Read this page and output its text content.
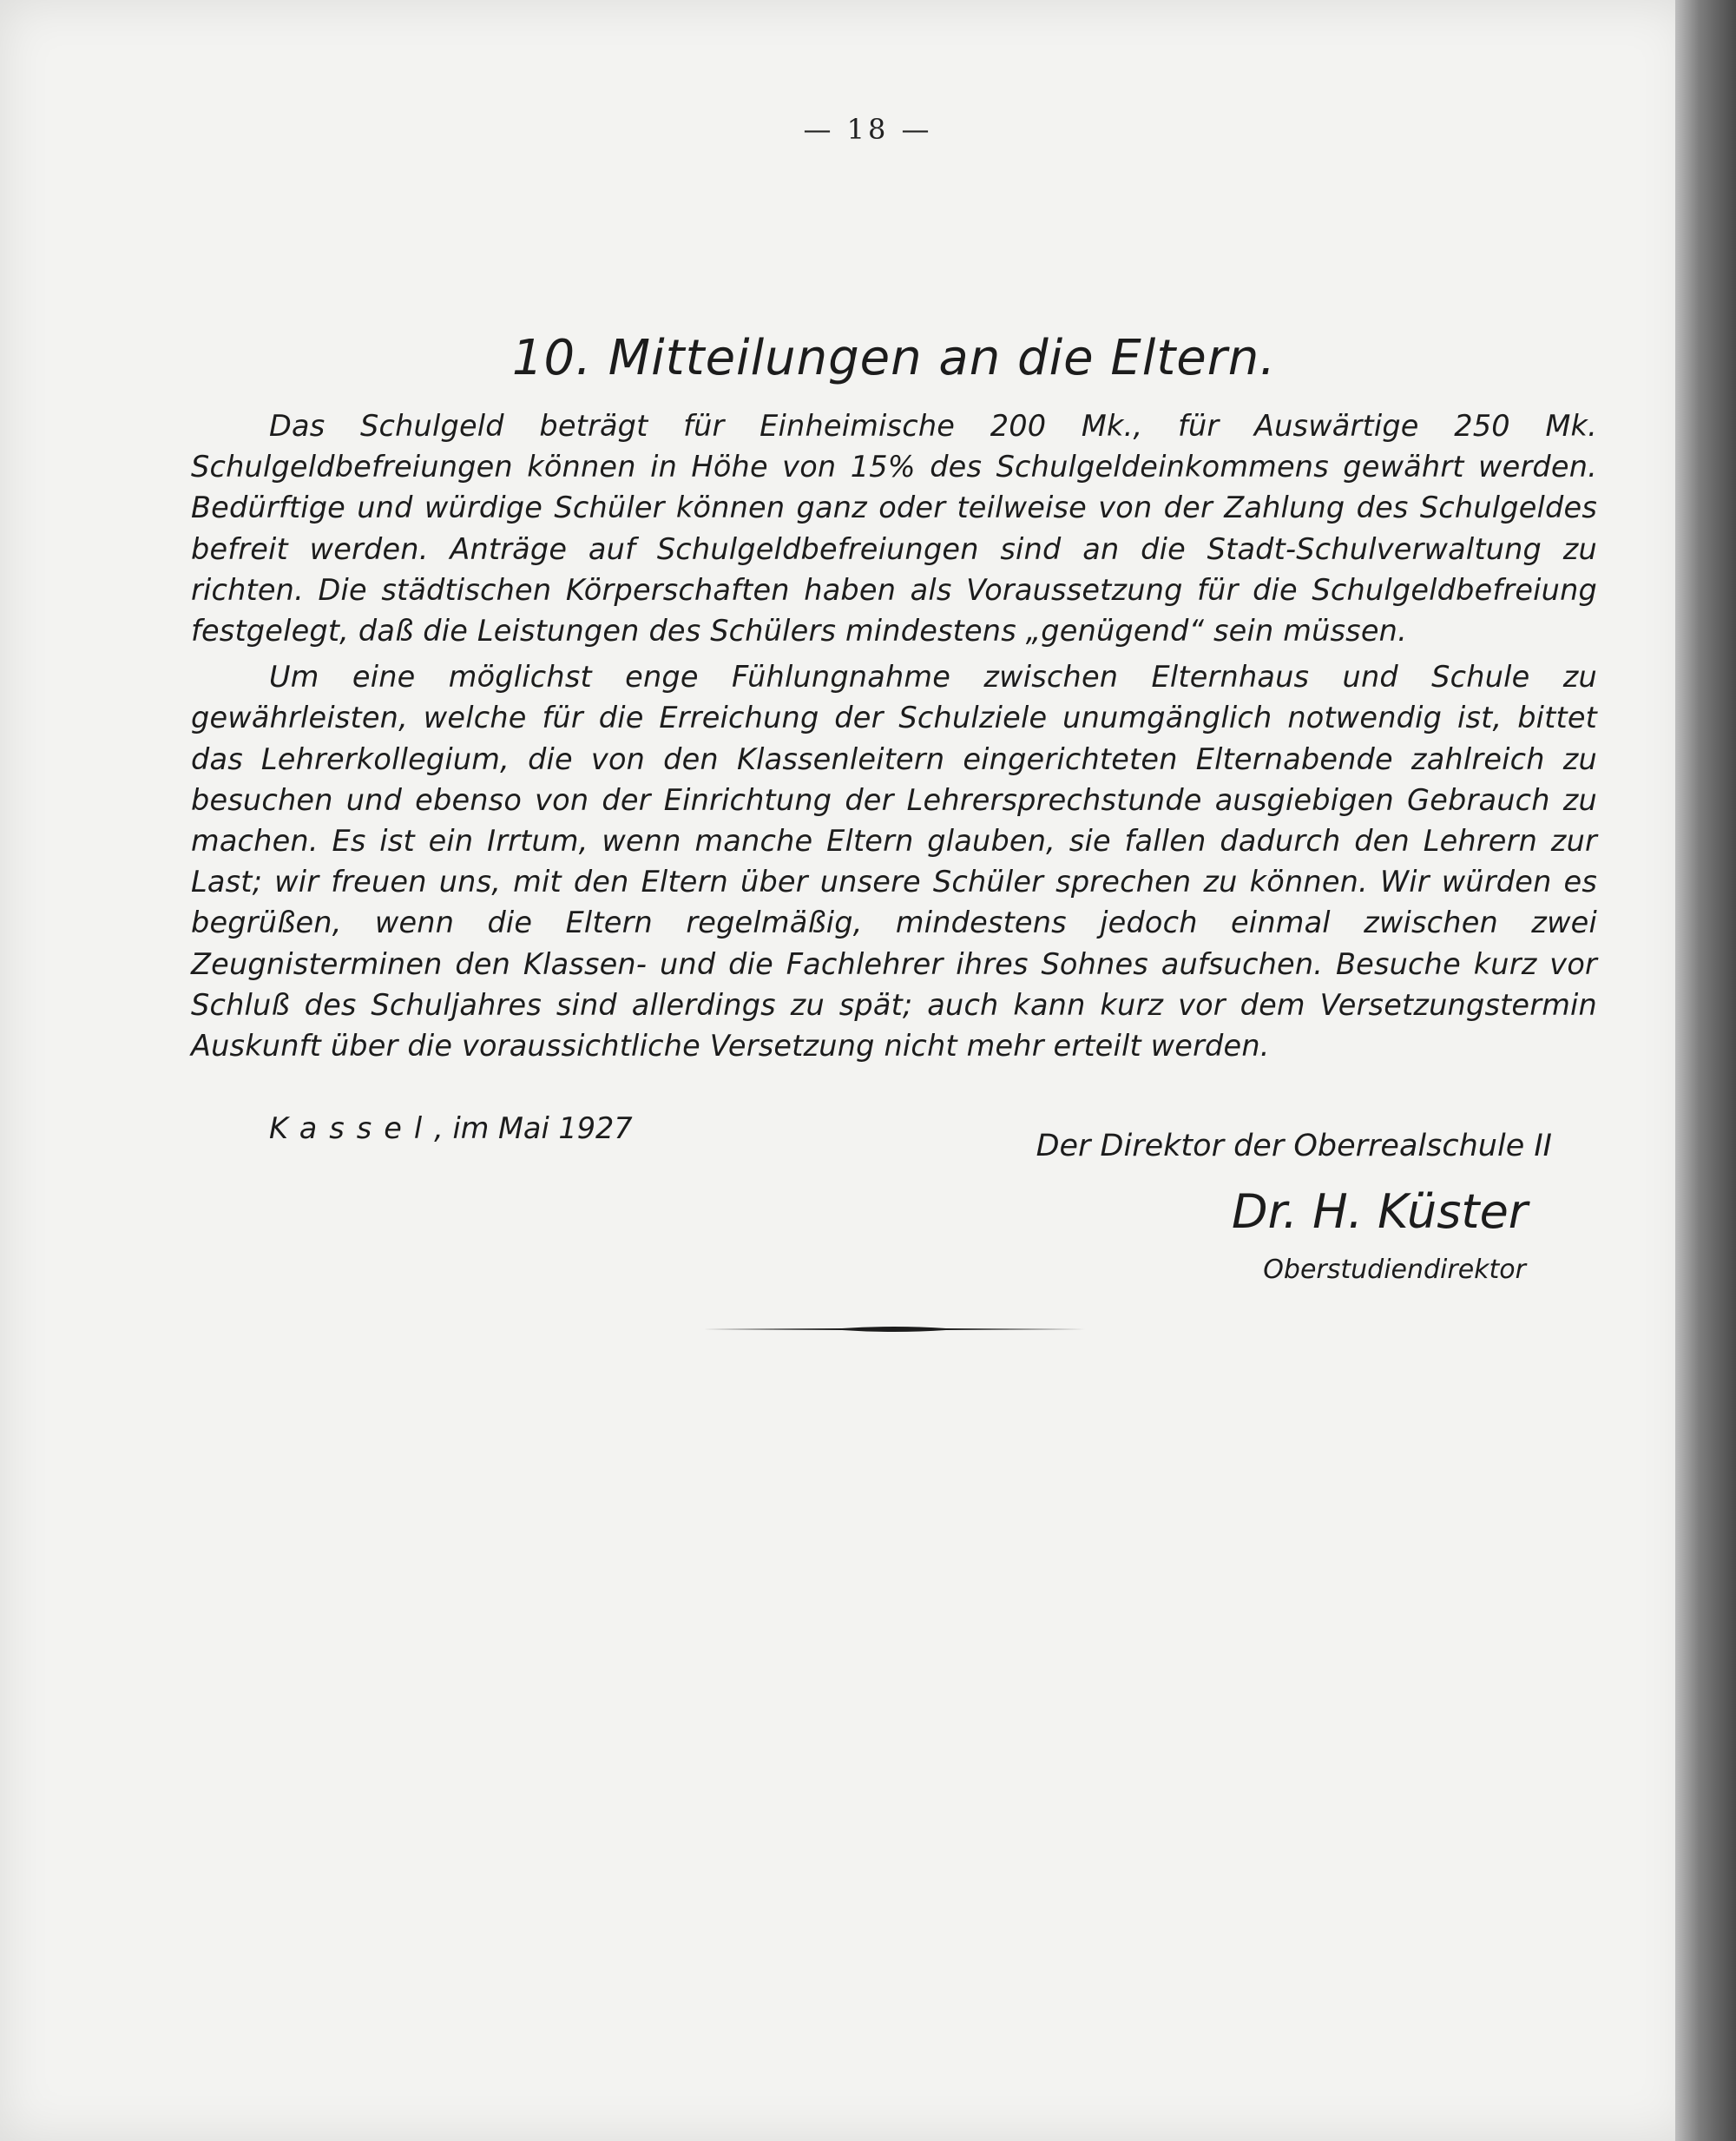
— 18 —
10. Mitteilungen an die Eltern.

Das Schulgeld beträgt für Einheimische 200 Mk., für Auswärtige 250 Mk. Schulgeldbefreiungen können in Höhe von 15% des Schulgeldeinkommens gewährt werden. Bedürftige und würdige Schüler können ganz oder teilweise von der Zahlung des Schulgeldes befreit werden. Anträge auf Schulgeldbefreiungen sind an die Stadt-Schulverwaltung zu richten. Die städtischen Körperschaften haben als Voraussetzung für die Schulgeldbefreiung festgelegt, daß die Leistungen des Schülers mindestens „genügend“ sein müssen.

Um eine möglichst enge Fühlungnahme zwischen Elternhaus und Schule zu gewährleisten, welche für die Erreichung der Schulziele unumgänglich notwendig ist, bittet das Lehrerkollegium, die von den Klassenleitern eingerichteten Elternabende zahlreich zu besuchen und ebenso von der Einrichtung der Lehrersprechstunde ausgiebigen Gebrauch zu machen. Es ist ein Irrtum, wenn manche Eltern glauben, sie fallen dadurch den Lehrern zur Last; wir freuen uns, mit den Eltern über unsere Schüler sprechen zu können. Wir würden es begrüßen, wenn die Eltern regelmäßig, mindestens jedoch einmal zwischen zwei Zeugnisterminen den Klassen- und die Fachlehrer ihres Sohnes aufsuchen. Besuche kurz vor Schluß des Schuljahres sind allerdings zu spät; auch kann kurz vor dem Versetzungstermin Auskunft über die voraussichtliche Versetzung nicht mehr erteilt werden.

Kassel, im Mai 1927
Der Direktor der Oberrealschule II
Dr. H. Küster
Oberstudiendirektor
